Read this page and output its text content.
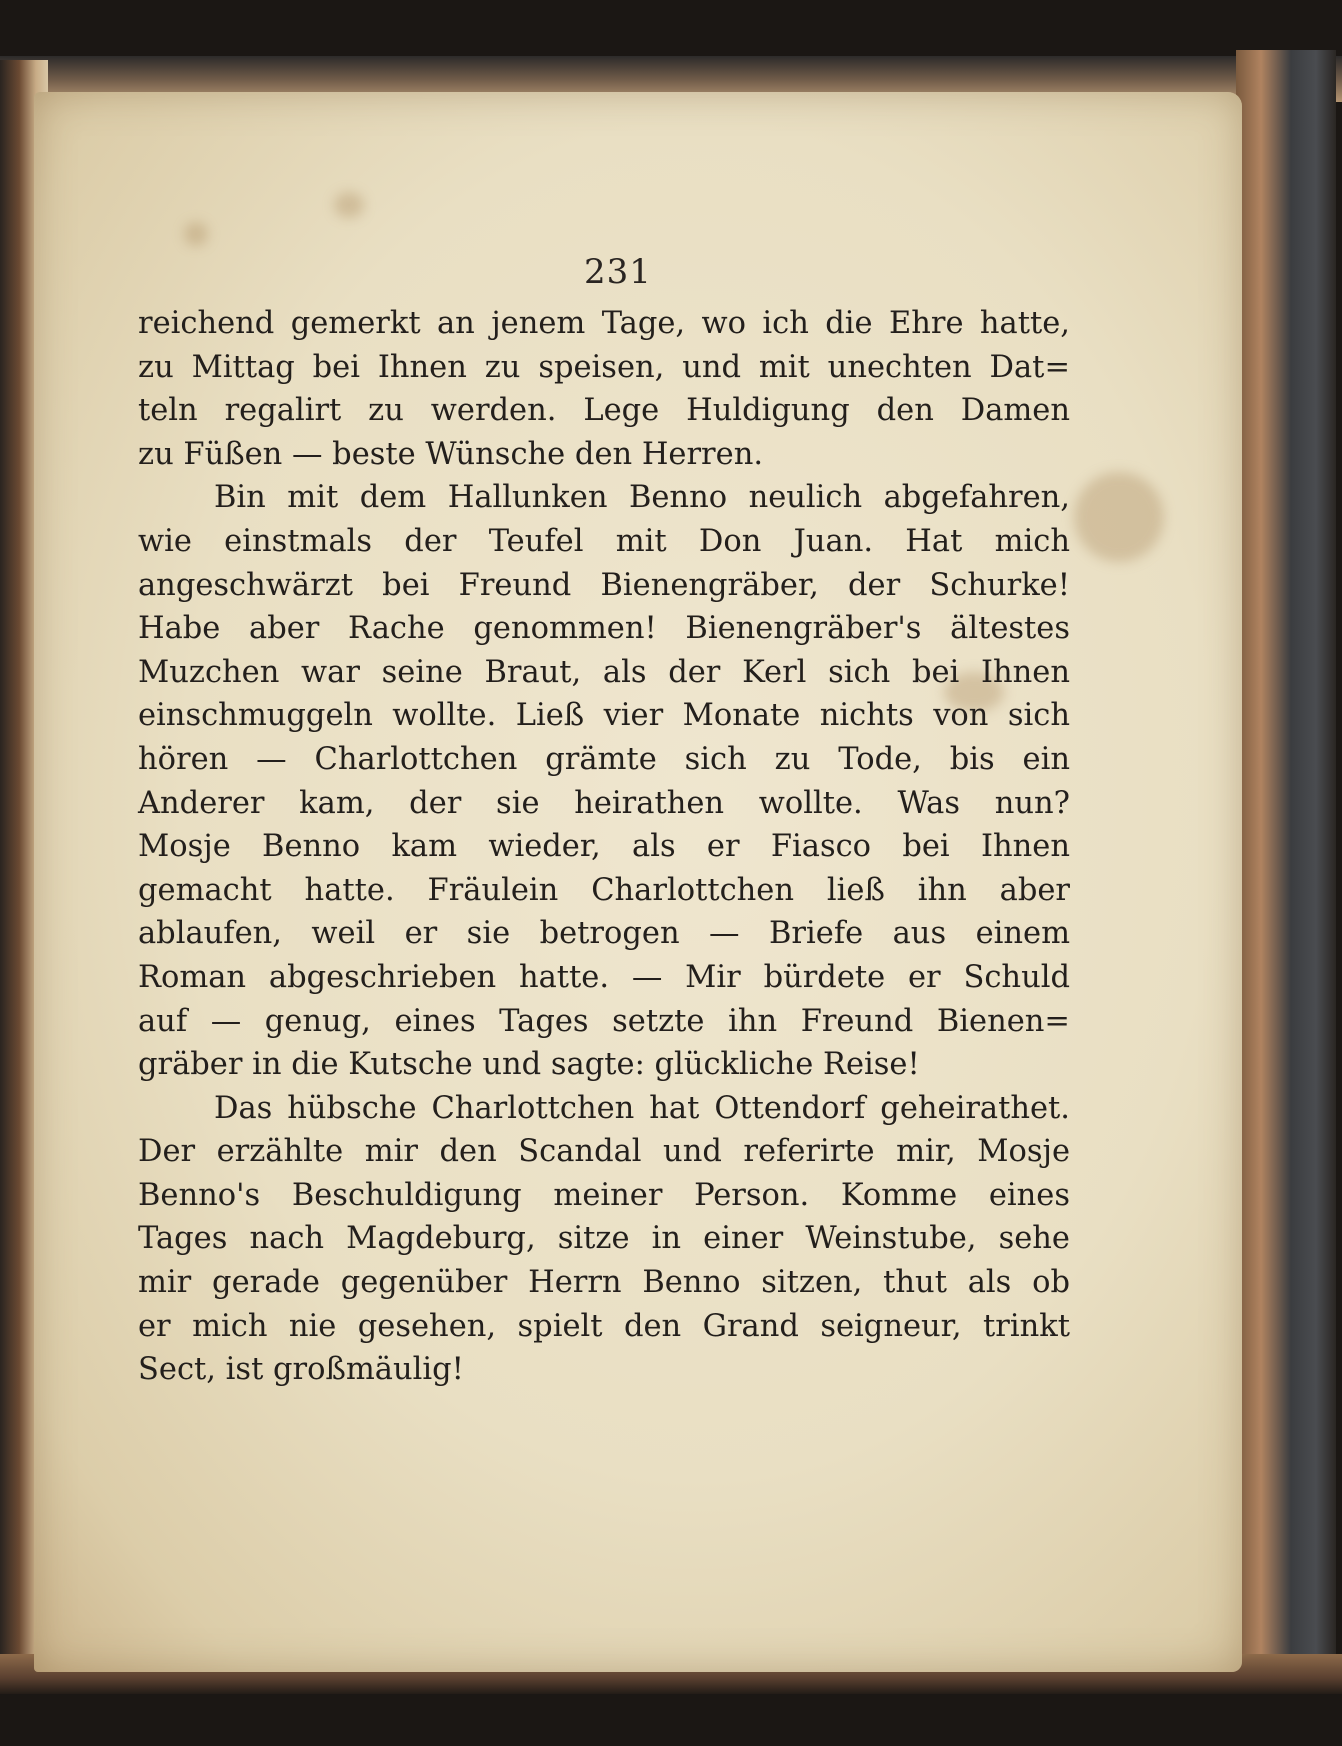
231
reichend gemerkt an jenem Tage, wo ich die Ehre hatte,
zu Mittag bei Ihnen zu speisen, und mit unechten Dat=
teln regalirt zu werden. Lege Huldigung den Damen
zu Füßen — beste Wünsche den Herren.
Bin mit dem Hallunken Benno neulich abgefahren,
wie einstmals der Teufel mit Don Juan. Hat mich
angeschwärzt bei Freund Bienengräber, der Schurke!
Habe aber Rache genommen! Bienengräber's ältestes
Muzchen war seine Braut, als der Kerl sich bei Ihnen
einschmuggeln wollte. Ließ vier Monate nichts von sich
hören — Charlottchen grämte sich zu Tode, bis ein
Anderer kam, der sie heirathen wollte. Was nun?
Mosje Benno kam wieder, als er Fiasco bei Ihnen
gemacht hatte. Fräulein Charlottchen ließ ihn aber
ablaufen, weil er sie betrogen — Briefe aus einem
Roman abgeschrieben hatte. — Mir bürdete er Schuld
auf — genug, eines Tages setzte ihn Freund Bienen=
gräber in die Kutsche und sagte: glückliche Reise!
Das hübsche Charlottchen hat Ottendorf geheirathet.
Der erzählte mir den Scandal und referirte mir, Mosje
Benno's Beschuldigung meiner Person. Komme eines
Tages nach Magdeburg, sitze in einer Weinstube, sehe
mir gerade gegenüber Herrn Benno sitzen, thut als ob
er mich nie gesehen, spielt den Grand seigneur, trinkt
Sect, ist großmäulig!
